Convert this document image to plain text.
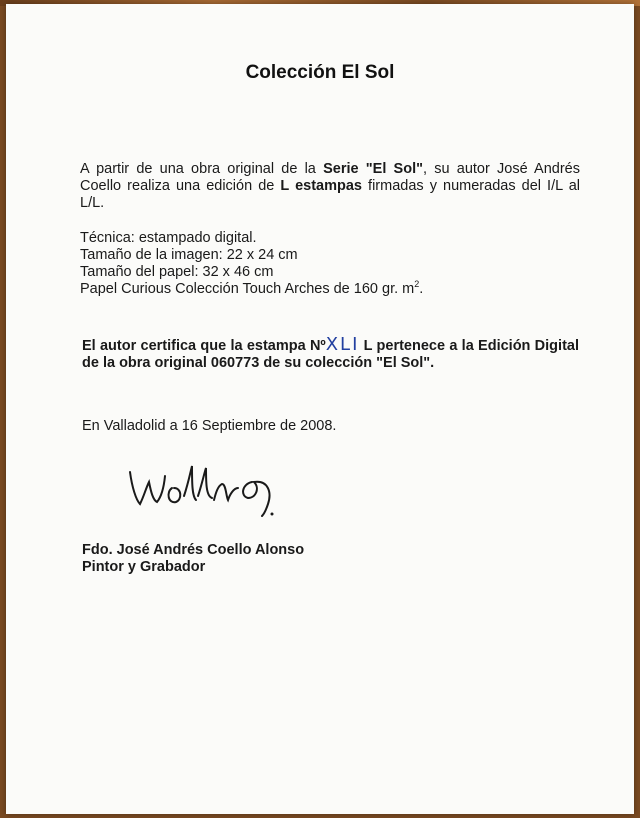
Colección El Sol
A partir de una obra original de la Serie "El Sol", su autor José Andrés Coello realiza una edición de L estampas firmadas y numeradas del I/L al L/L.
Técnica: estampado digital.
Tamaño de la imagen: 22 x 24 cm
Tamaño del papel: 32 x 46 cm
Papel Curious Colección Touch Arches de 160 gr. $m^2$.
El autor certifica que la estampa NºXLI L pertenece a la Edición Digital de la obra original 060773 de su colección "El Sol".
En Valladolid a 16 Septiembre de 2008.
Fdo. José Andrés Coello Alonso
Pintor y Grabador
